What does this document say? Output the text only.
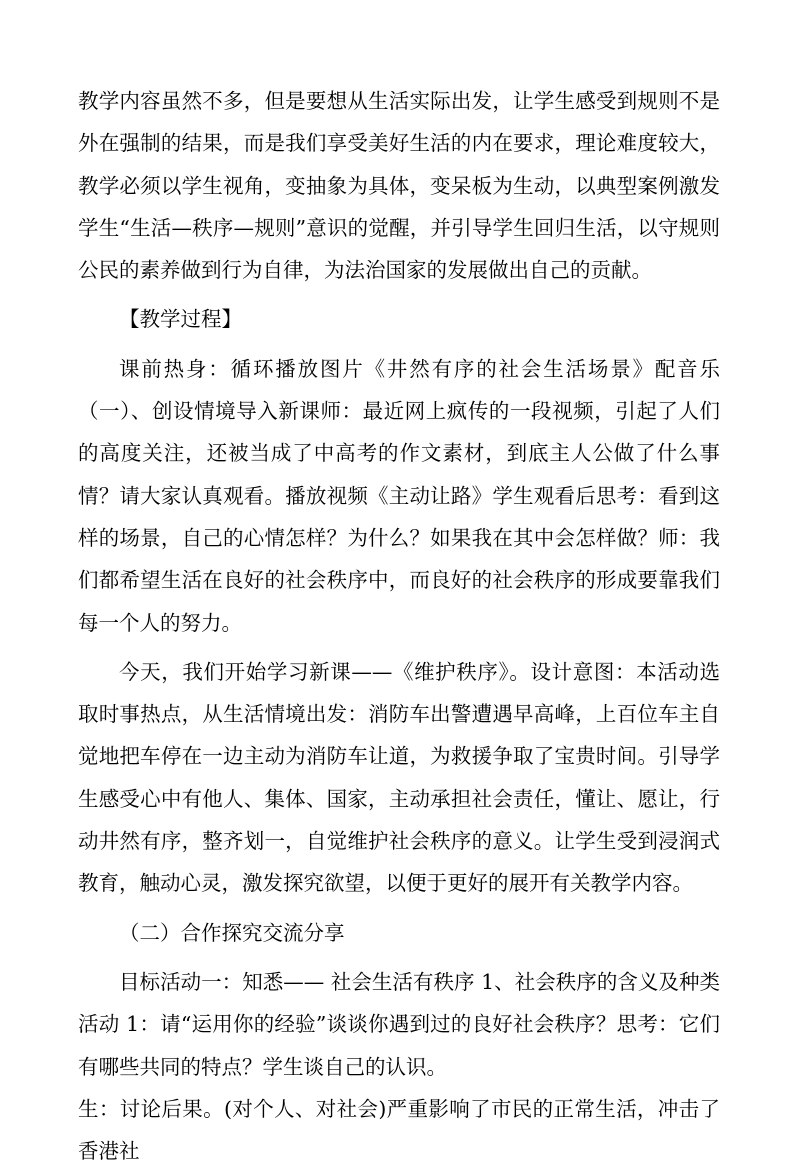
教学内容虽然不多，但是要想从生活实际出发，让学生感受到规则不是外在强制的结果，而是我们享受美好生活的内在要求，理论难度较大，教学必须以学生视角，变抽象为具体，变呆板为生动，以典型案例激发学生“生活—秩序—规则”意识的觉醒，并引导学生回归生活，以守规则公民的素养做到行为自律，为法治国家的发展做出自己的贡献。

【教学过程】

课前热身：循环播放图片《井然有序的社会生活场景》配音乐（一）、创设情境导入新课师：最近网上疯传的一段视频，引起了人们的高度关注，还被当成了中高考的作文素材，到底主人公做了什么事情？请大家认真观看。播放视频《主动让路》学生观看后思考：看到这样的场景，自己的心情怎样？为什么？如果我在其中会怎样做？师：我们都希望生活在良好的社会秩序中，而良好的社会秩序的形成要靠我们每一个人的努力。

今天，我们开始学习新课——《维护秩序》。设计意图：本活动选取时事热点，从生活情境出发：消防车出警遭遇早高峰，上百位车主自觉地把车停在一边主动为消防车让道，为救援争取了宝贵时间。引导学生感受心中有他人、集体、国家，主动承担社会责任，懂让、愿让，行动井然有序，整齐划一，自觉维护社会秩序的意义。让学生受到浸润式教育，触动心灵，激发探究欲望，以便于更好的展开有关教学内容。

（二）合作探究交流分享

目标活动一：知悉—— 社会生活有秩序 1、社会秩序的含义及种类活动 1：请“运用你的经验”谈谈你遇到过的良好社会秩序？思考：它们有哪些共同的特点？学生谈自己的认识。

生：讨论后果。(对个人、对社会)严重影响了市民的正常生活，冲击了香港社
